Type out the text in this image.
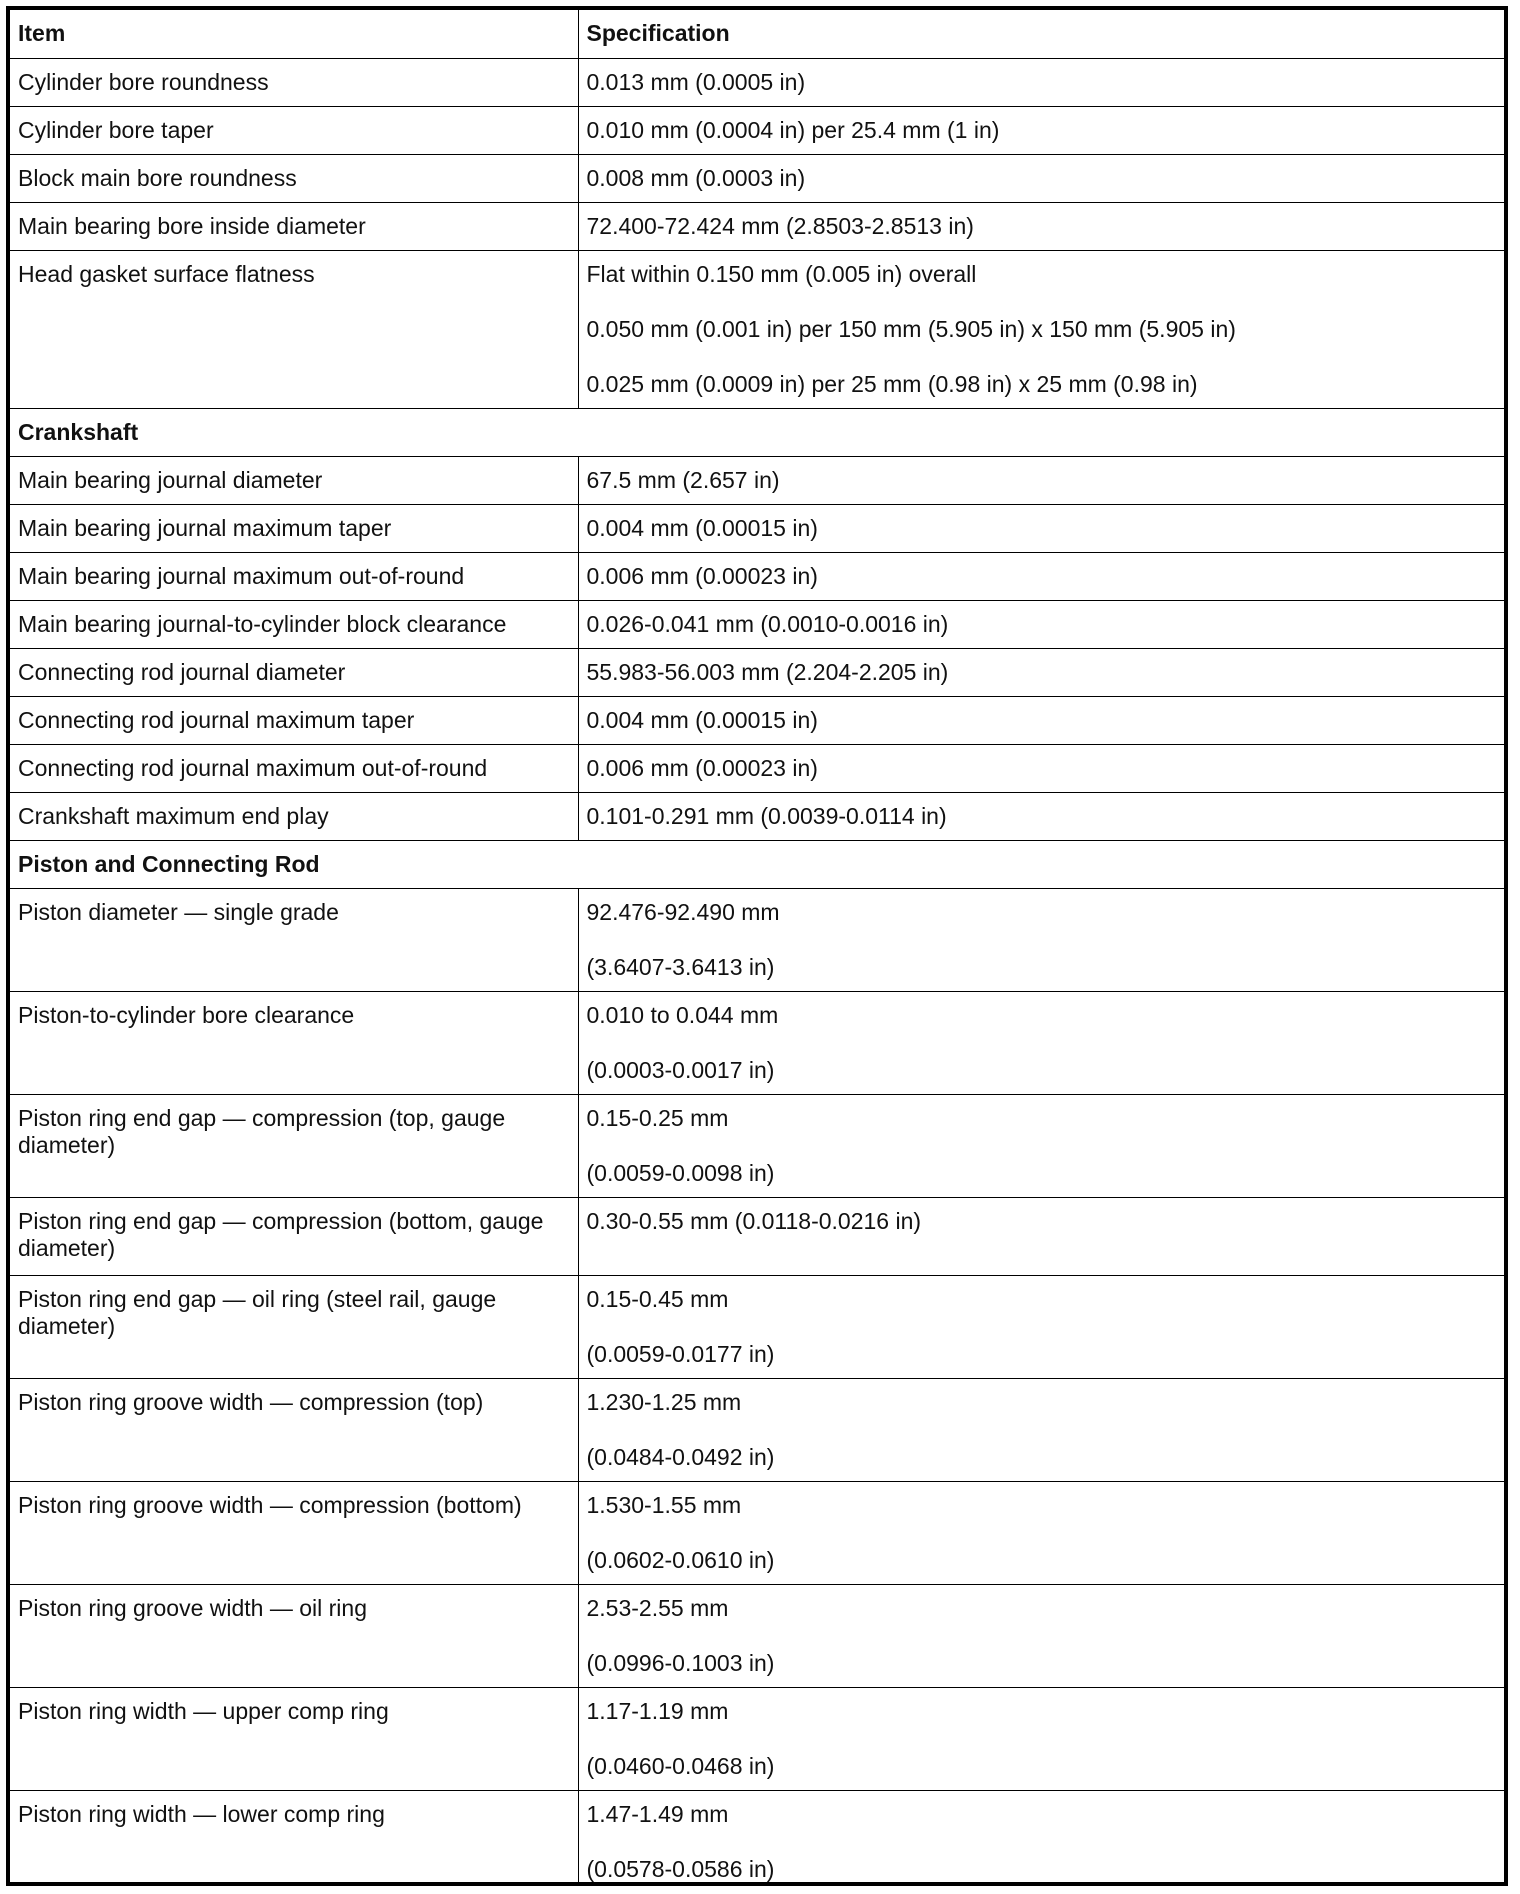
Item	Specification
Cylinder bore roundness	0.013 mm (0.0005 in)

Cylinder bore taper	0.010 mm (0.0004 in) per 25.4 mm (1 in)

Block main bore roundness	0.008 mm (0.0003 in)

Main bearing bore inside diameter	72.400-72.424 mm (2.8503-2.8513 in)

Head gasket surface flatness	Flat within 0.150 mm (0.005 in) overall
0.050 mm (0.001 in) per 150 mm (5.905 in) x 150 mm (5.905 in)
0.025 mm (0.0009 in) per 25 mm (0.98 in) x 25 mm (0.98 in)

Crankshaft	
Main bearing journal diameter	67.5 mm (2.657 in)

Main bearing journal maximum taper	0.004 mm (0.00015 in)

Main bearing journal maximum out-of-round	0.006 mm (0.00023 in)

Main bearing journal-to-cylinder block clearance	0.026-0.041 mm (0.0010-0.0016 in)

Connecting rod journal diameter	55.983-56.003 mm (2.204-2.205 in)

Connecting rod journal maximum taper	0.004 mm (0.00015 in)

Connecting rod journal maximum out-of-round	0.006 mm (0.00023 in)

Crankshaft maximum end play	0.101-0.291 mm (0.0039-0.0114 in)

Piston and Connecting Rod	
Piston diameter — single grade	92.476-92.490 mm
(3.6407-3.6413 in)

Piston-to-cylinder bore clearance	0.010 to 0.044 mm
(0.0003-0.0017 in)

Piston ring end gap — compression (top, gauge diameter)	0.15-0.25 mm
(0.0059-0.0098 in)

Piston ring end gap — compression (bottom, gauge diameter)	0.30-0.55 mm (0.0118-0.0216 in)

Piston ring end gap — oil ring (steel rail, gauge diameter)	0.15-0.45 mm
(0.0059-0.0177 in)

Piston ring groove width — compression (top)	1.230-1.25 mm
(0.0484-0.0492 in)

Piston ring groove width — compression (bottom)	1.530-1.55 mm
(0.0602-0.0610 in)

Piston ring groove width — oil ring	2.53-2.55 mm
(0.0996-0.1003 in)

Piston ring width — upper comp ring	1.17-1.19 mm
(0.0460-0.0468 in)

Piston ring width — lower comp ring	1.47-1.49 mm
(0.0578-0.0586 in)
